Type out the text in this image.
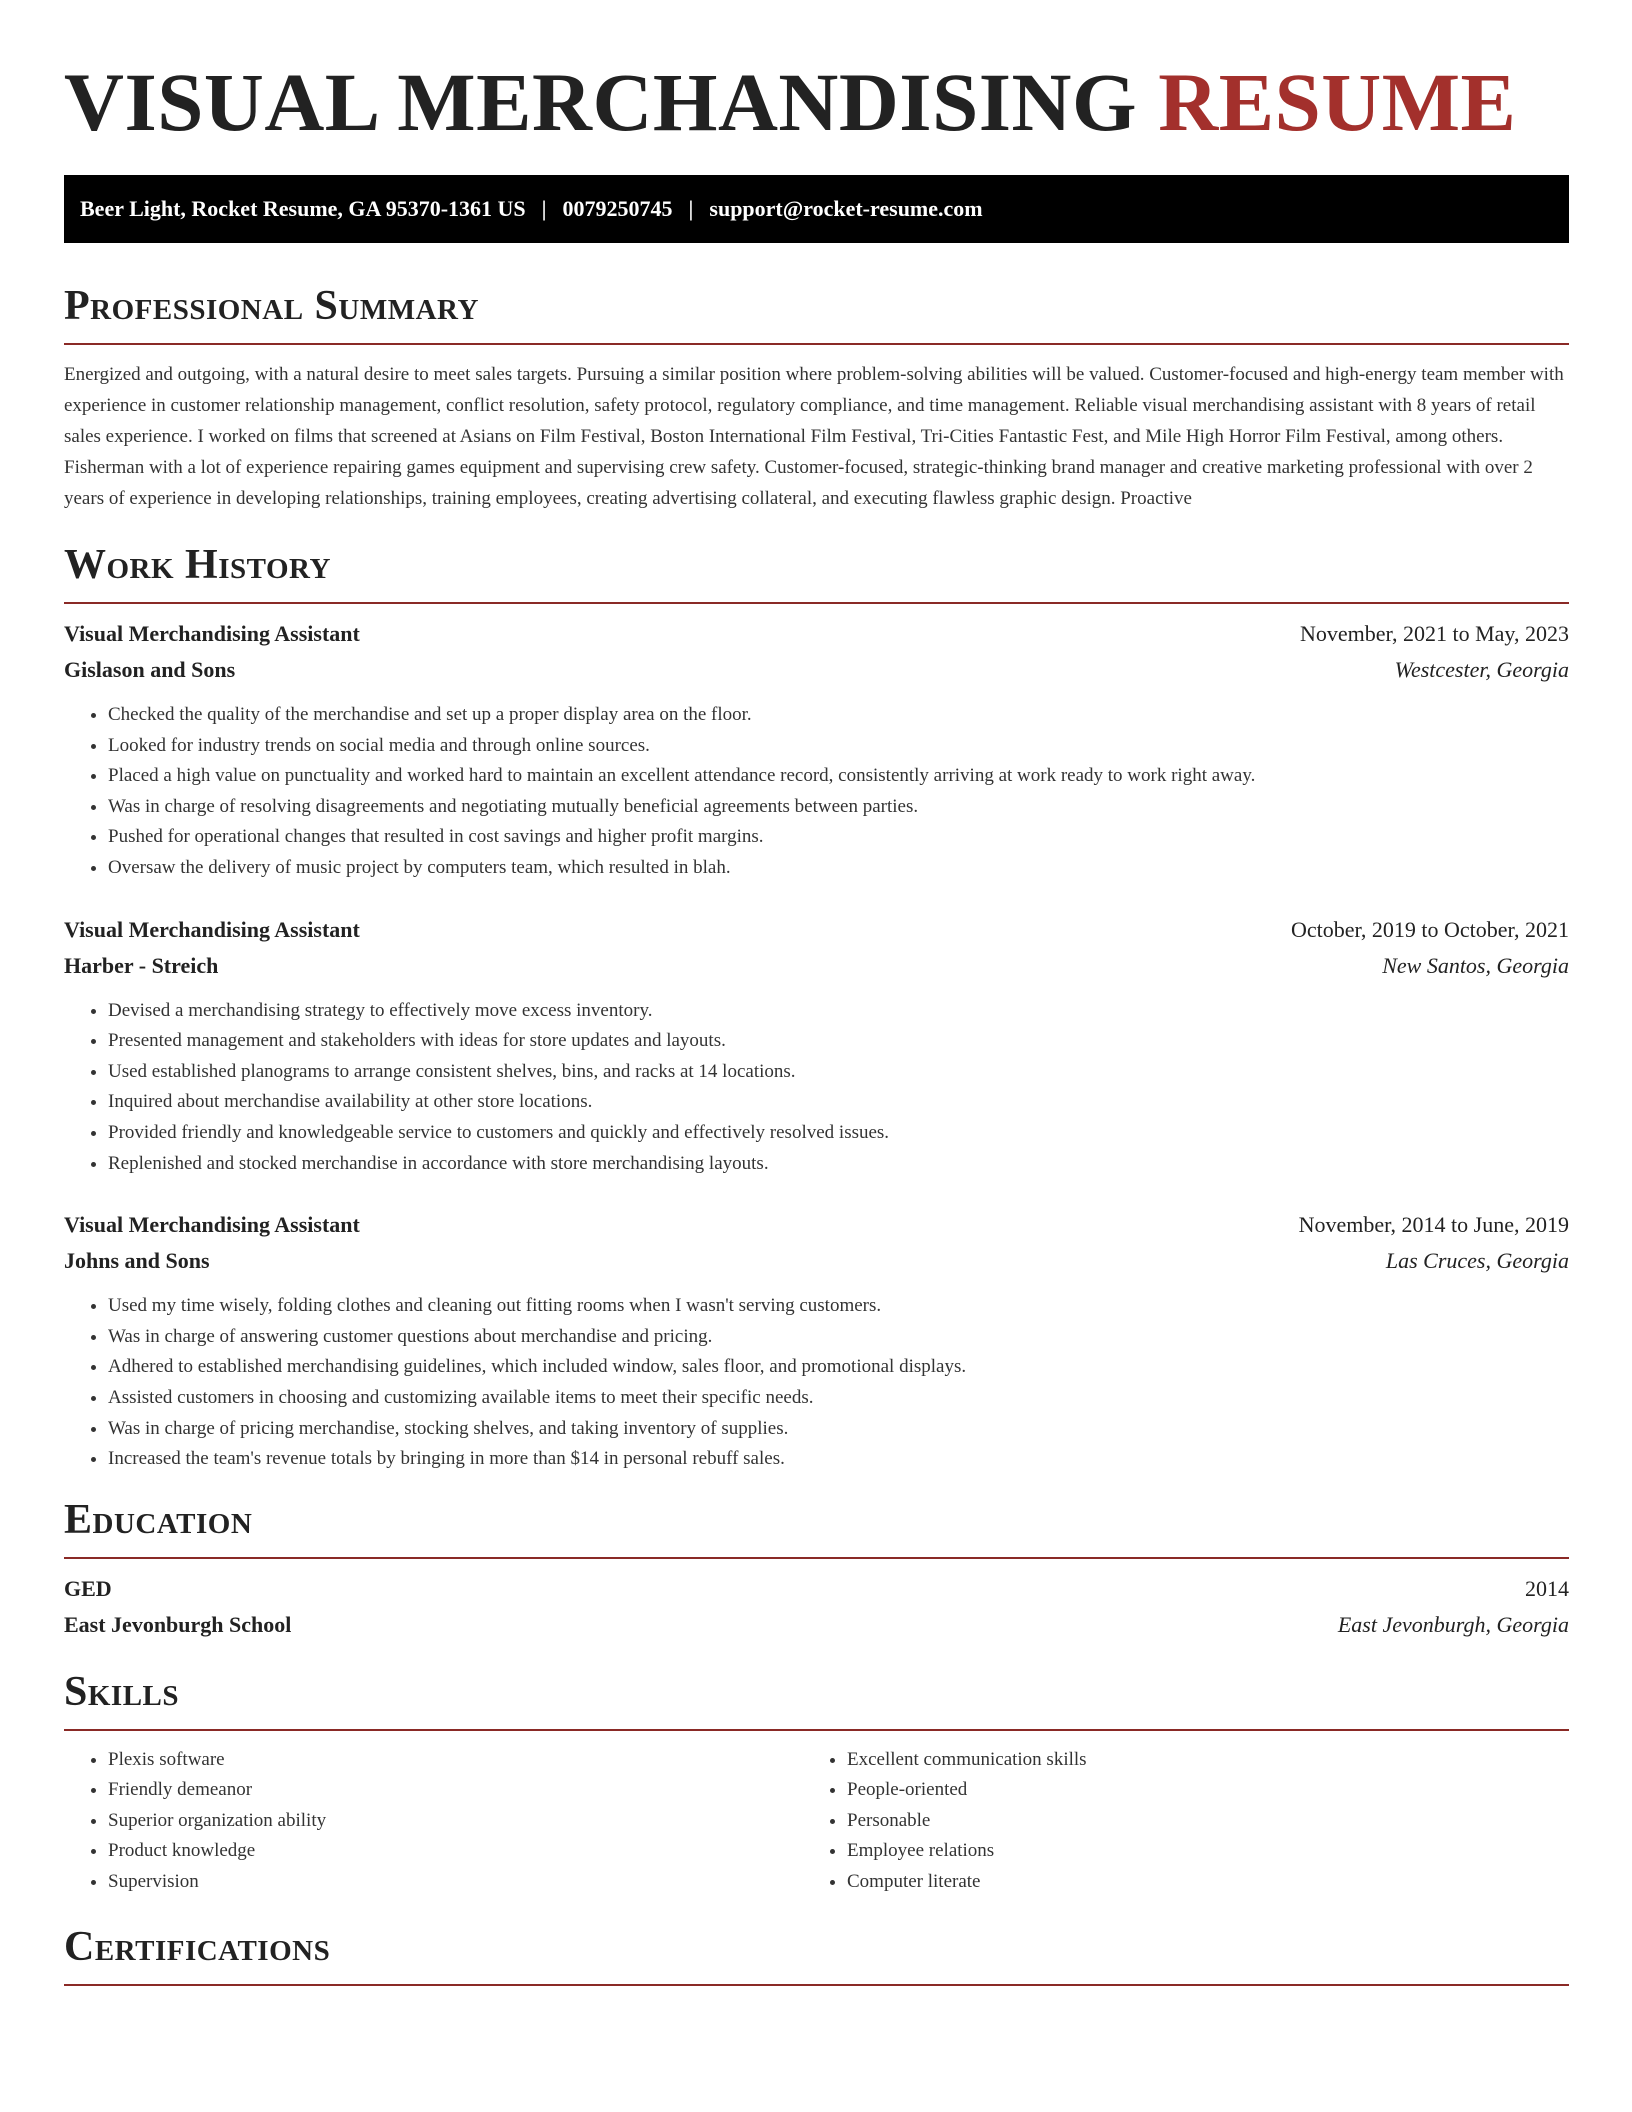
VISUAL MERCHANDISING RESUME
Beer Light, Rocket Resume, GA 95370-1361 US | 0079250745 | support@rocket-resume.com
Professional Summary

Energized and outgoing, with a natural desire to meet sales targets. Pursuing a similar position where problem-solving abilities will be valued. Customer-focused and high-energy team member with experience in customer relationship management, conflict resolution, safety protocol, regulatory compliance, and time management. Reliable visual merchandising assistant with 8 years of retail sales experience. I worked on films that screened at Asians on Film Festival, Boston International Film Festival, Tri-Cities Fantastic Fest, and Mile High Horror Film Festival, among others. Fisherman with a lot of experience repairing games equipment and supervising crew safety. Customer-focused, strategic-thinking brand manager and creative marketing professional with over 2 years of experience in developing relationships, training employees, creating advertising collateral, and executing flawless graphic design. Proactive

Work History
Visual Merchandising Assistant	November, 2021 to May, 2023
Gislason and Sons	Westcester, Georgia
• Checked the quality of the merchandise and set up a proper display area on the floor.
• Looked for industry trends on social media and through online sources.
• Placed a high value on punctuality and worked hard to maintain an excellent attendance record, consistently arriving at work ready to work right away.
• Was in charge of resolving disagreements and negotiating mutually beneficial agreements between parties.
• Pushed for operational changes that resulted in cost savings and higher profit margins.
• Oversaw the delivery of music project by computers team, which resulted in blah.
Visual Merchandising Assistant	October, 2019 to October, 2021
Harber - Streich	New Santos, Georgia
• Devised a merchandising strategy to effectively move excess inventory.
• Presented management and stakeholders with ideas for store updates and layouts.
• Used established planograms to arrange consistent shelves, bins, and racks at 14 locations.
• Inquired about merchandise availability at other store locations.
• Provided friendly and knowledgeable service to customers and quickly and effectively resolved issues.
• Replenished and stocked merchandise in accordance with store merchandising layouts.
Visual Merchandising Assistant	November, 2014 to June, 2019
Johns and Sons	Las Cruces, Georgia
• Used my time wisely, folding clothes and cleaning out fitting rooms when I wasn't serving customers.
• Was in charge of answering customer questions about merchandise and pricing.
• Adhered to established merchandising guidelines, which included window, sales floor, and promotional displays.
• Assisted customers in choosing and customizing available items to meet their specific needs.
• Was in charge of pricing merchandise, stocking shelves, and taking inventory of supplies.
• Increased the team's revenue totals by bringing in more than $14 in personal rebuff sales.
Education
GED	2014
East Jevonburgh School	East Jevonburgh, Georgia
Skills
• Plexis software
• Friendly demeanor
• Superior organization ability
• Product knowledge
• Supervision
• Excellent communication skills
• People-oriented
• Personable
• Employee relations
• Computer literate
Certifications
